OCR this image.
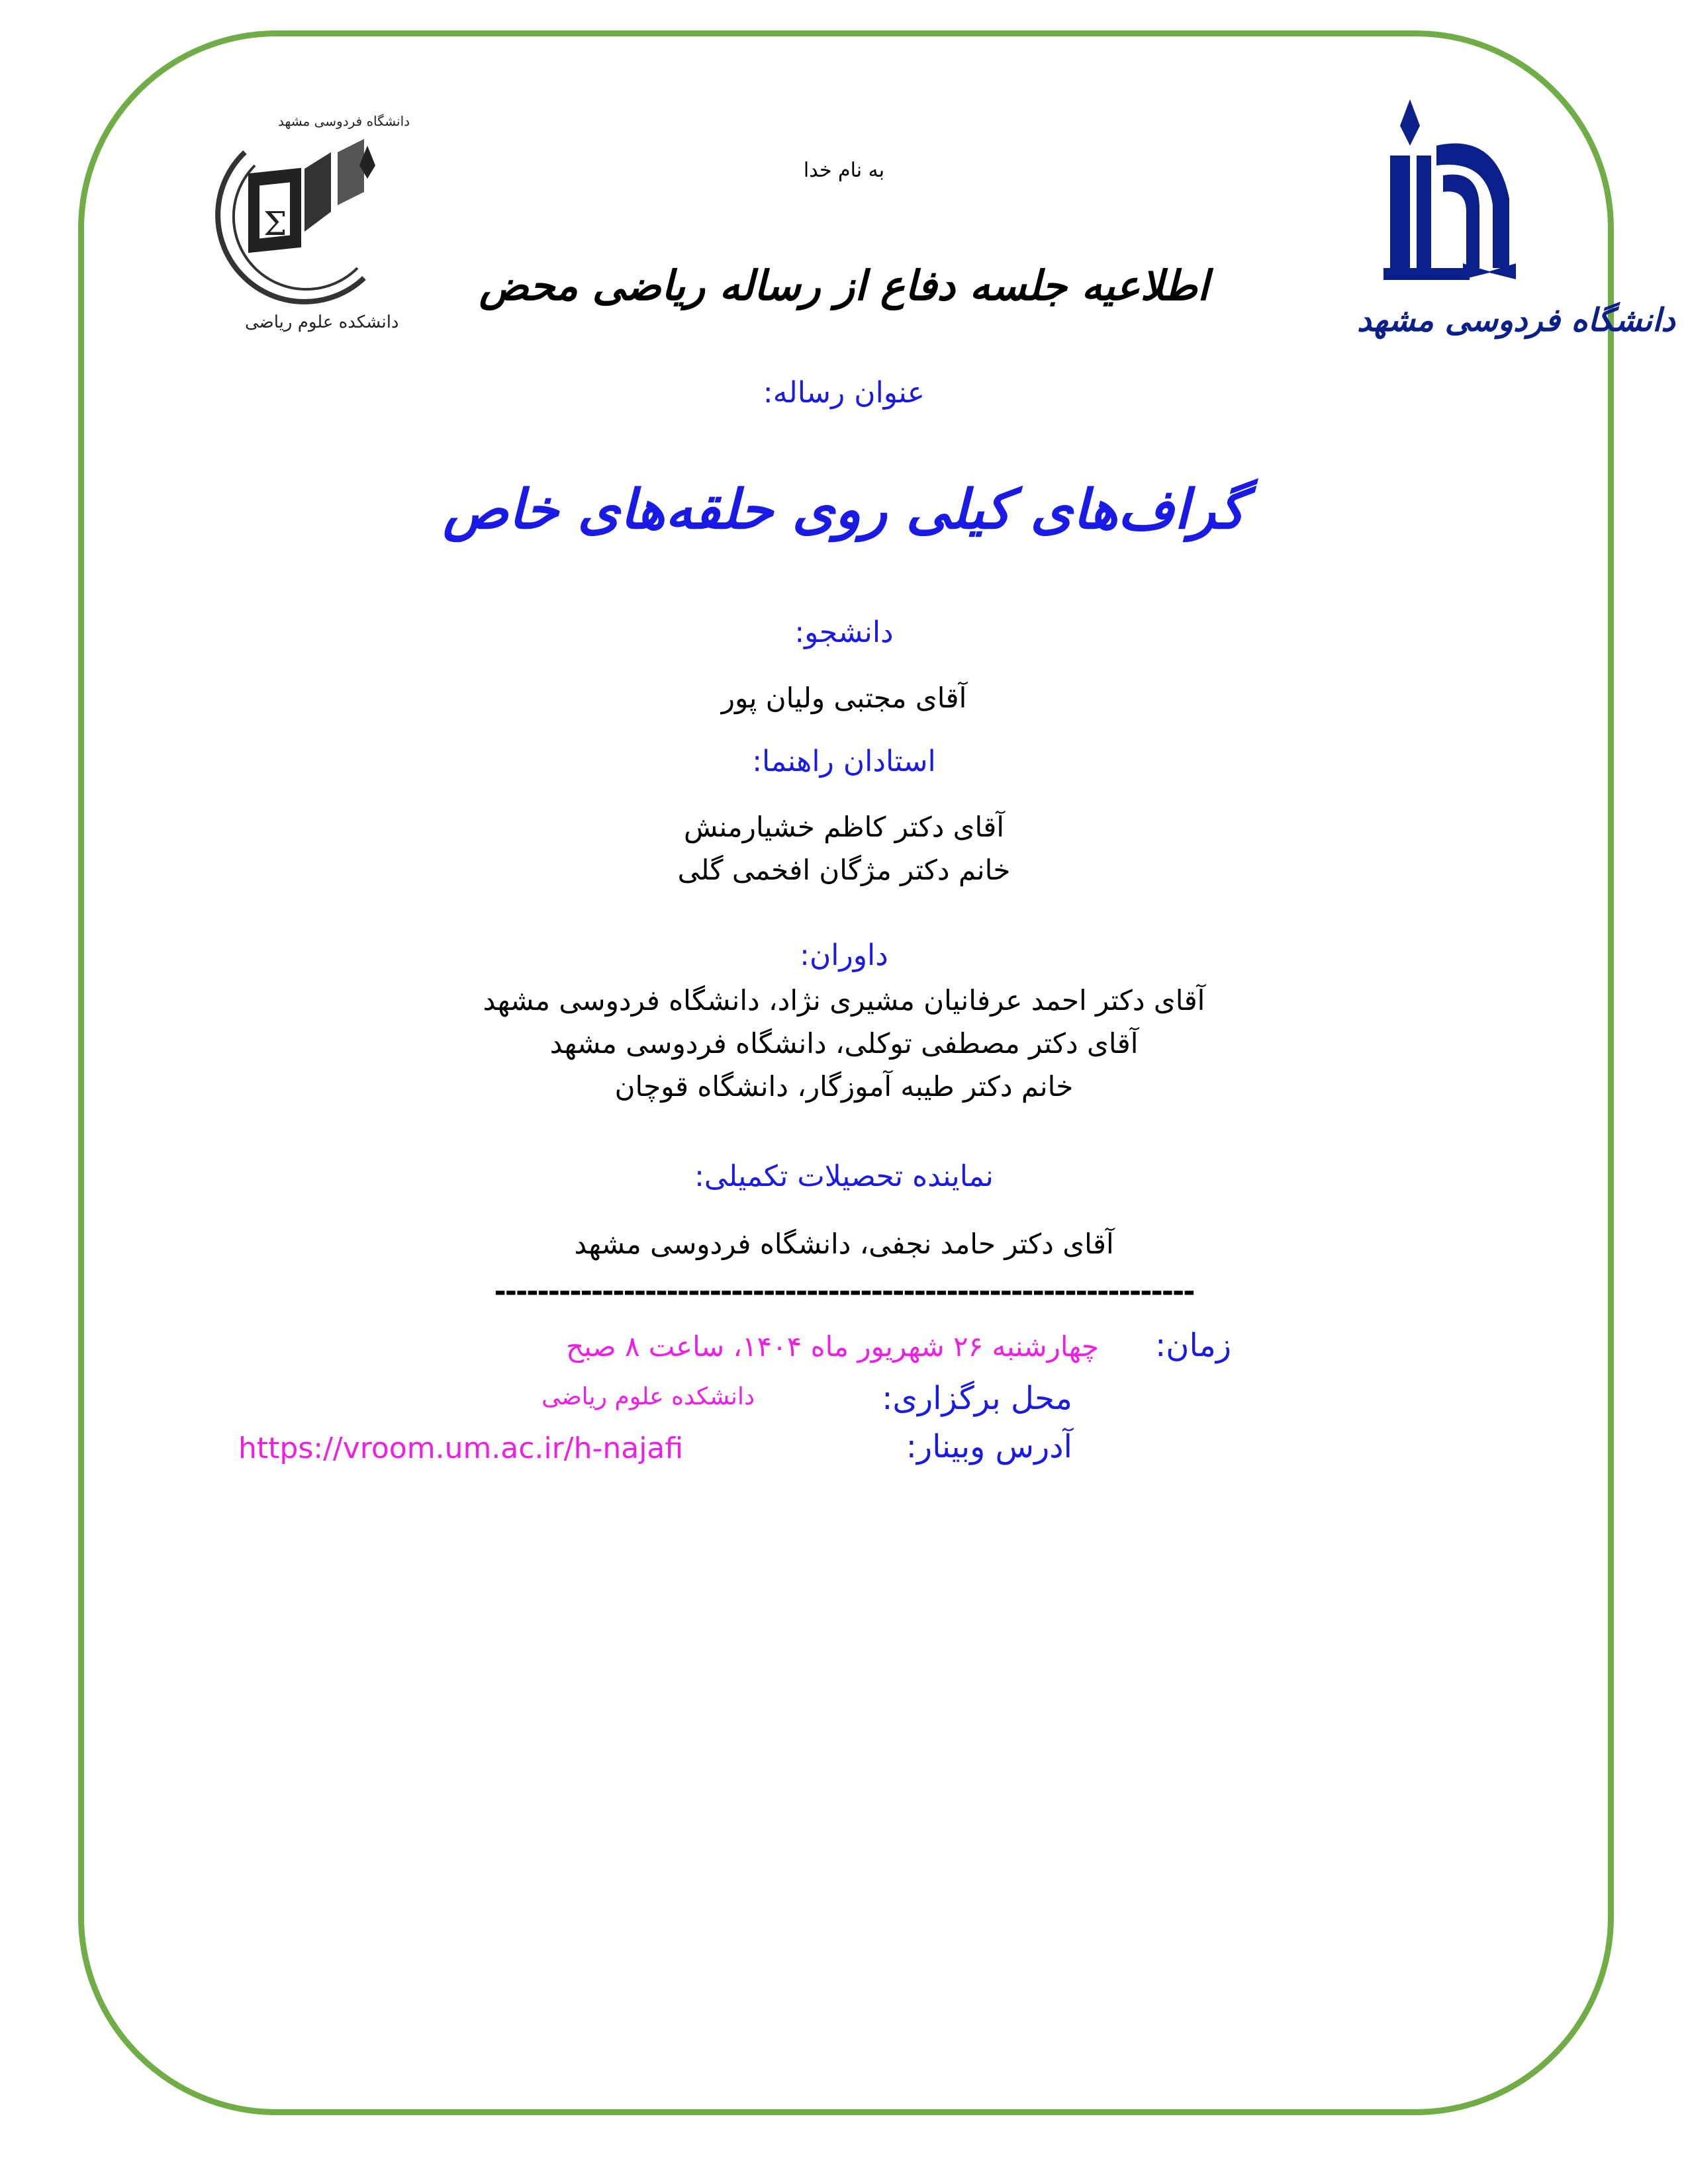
Σ
دانشکده علوم ریاضی
دانشگاه فردوسی مشهد
دانشگاه فردوسی مشهد
به نام خدا
اطلاعیه جلسه دفاع از رساله ریاضی محض
عنوان رساله:
گراف‌های کیلی روی حلقه‌های خاص
دانشجو:
آقای مجتبی ولیان پور
استادان راهنما:
آقای دکتر کاظم خشیارمنش
خانم دکتر مژگان افخمی گلی
داوران:
آقای دکتر احمد عرفانیان مشیری نژاد، دانشگاه فردوسی مشهد
آقای دکتر مصطفی توکلی، دانشگاه فردوسی مشهد
خانم دکتر طیبه آموزگار، دانشگاه قوچان
نماینده تحصیلات تکمیلی:
آقای دکتر حامد نجفی، دانشگاه فردوسی مشهد
-----------------------------------------------------------------
زمان:
چهارشنبه ۲۶ شهریور ماه ۱۴۰۴، ساعت ۸ صبح
محل برگزاری:
دانشکده علوم ریاضی
آدرس وبینار:
https://vroom.um.ac.ir/h-najafi
